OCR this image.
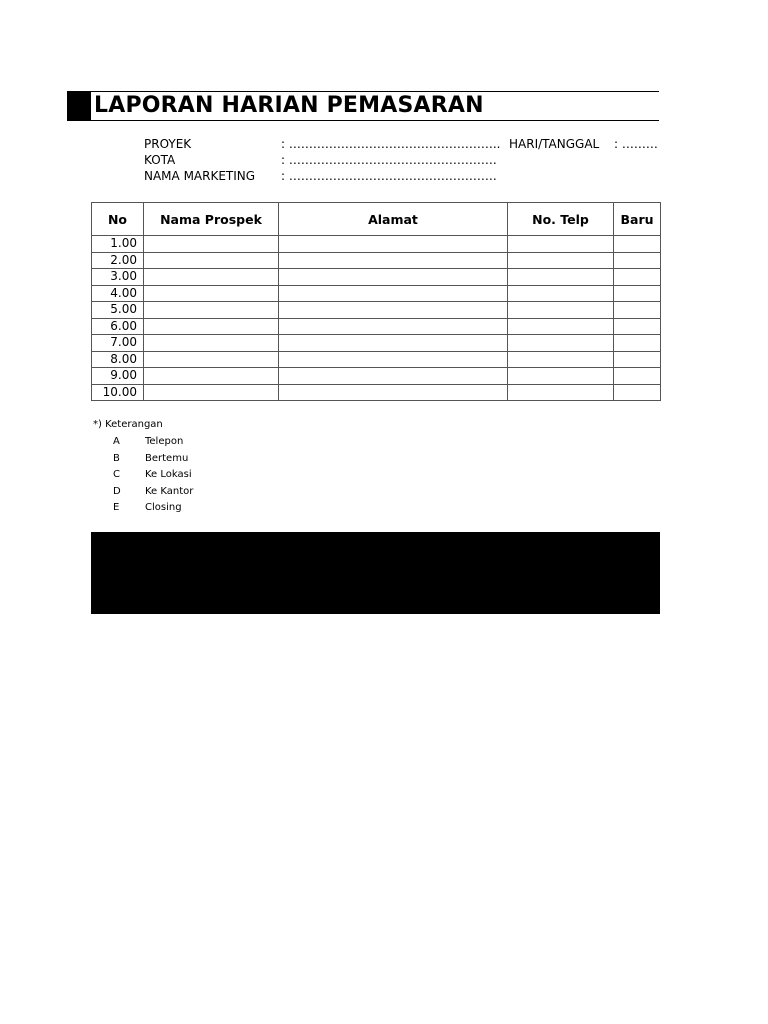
LAPORAN HARIAN PEMASARAN
PROYEK	: …………………………………………….. HARI/TANGGAL : ………
KOTA	: …………………………………………….
NAMA MARKETING : …………………………………………….
No	Nama Prospek	Alamat	No. Telp	Baru
1.00				
2.00				
3.00				
4.00				
5.00				
6.00				
7.00				
8.00				
9.00				
10.00				
*) Keterangan
A	Telepon
B	Bertemu
C	Ke Lokasi
D	Ke Kantor
E	Closing
